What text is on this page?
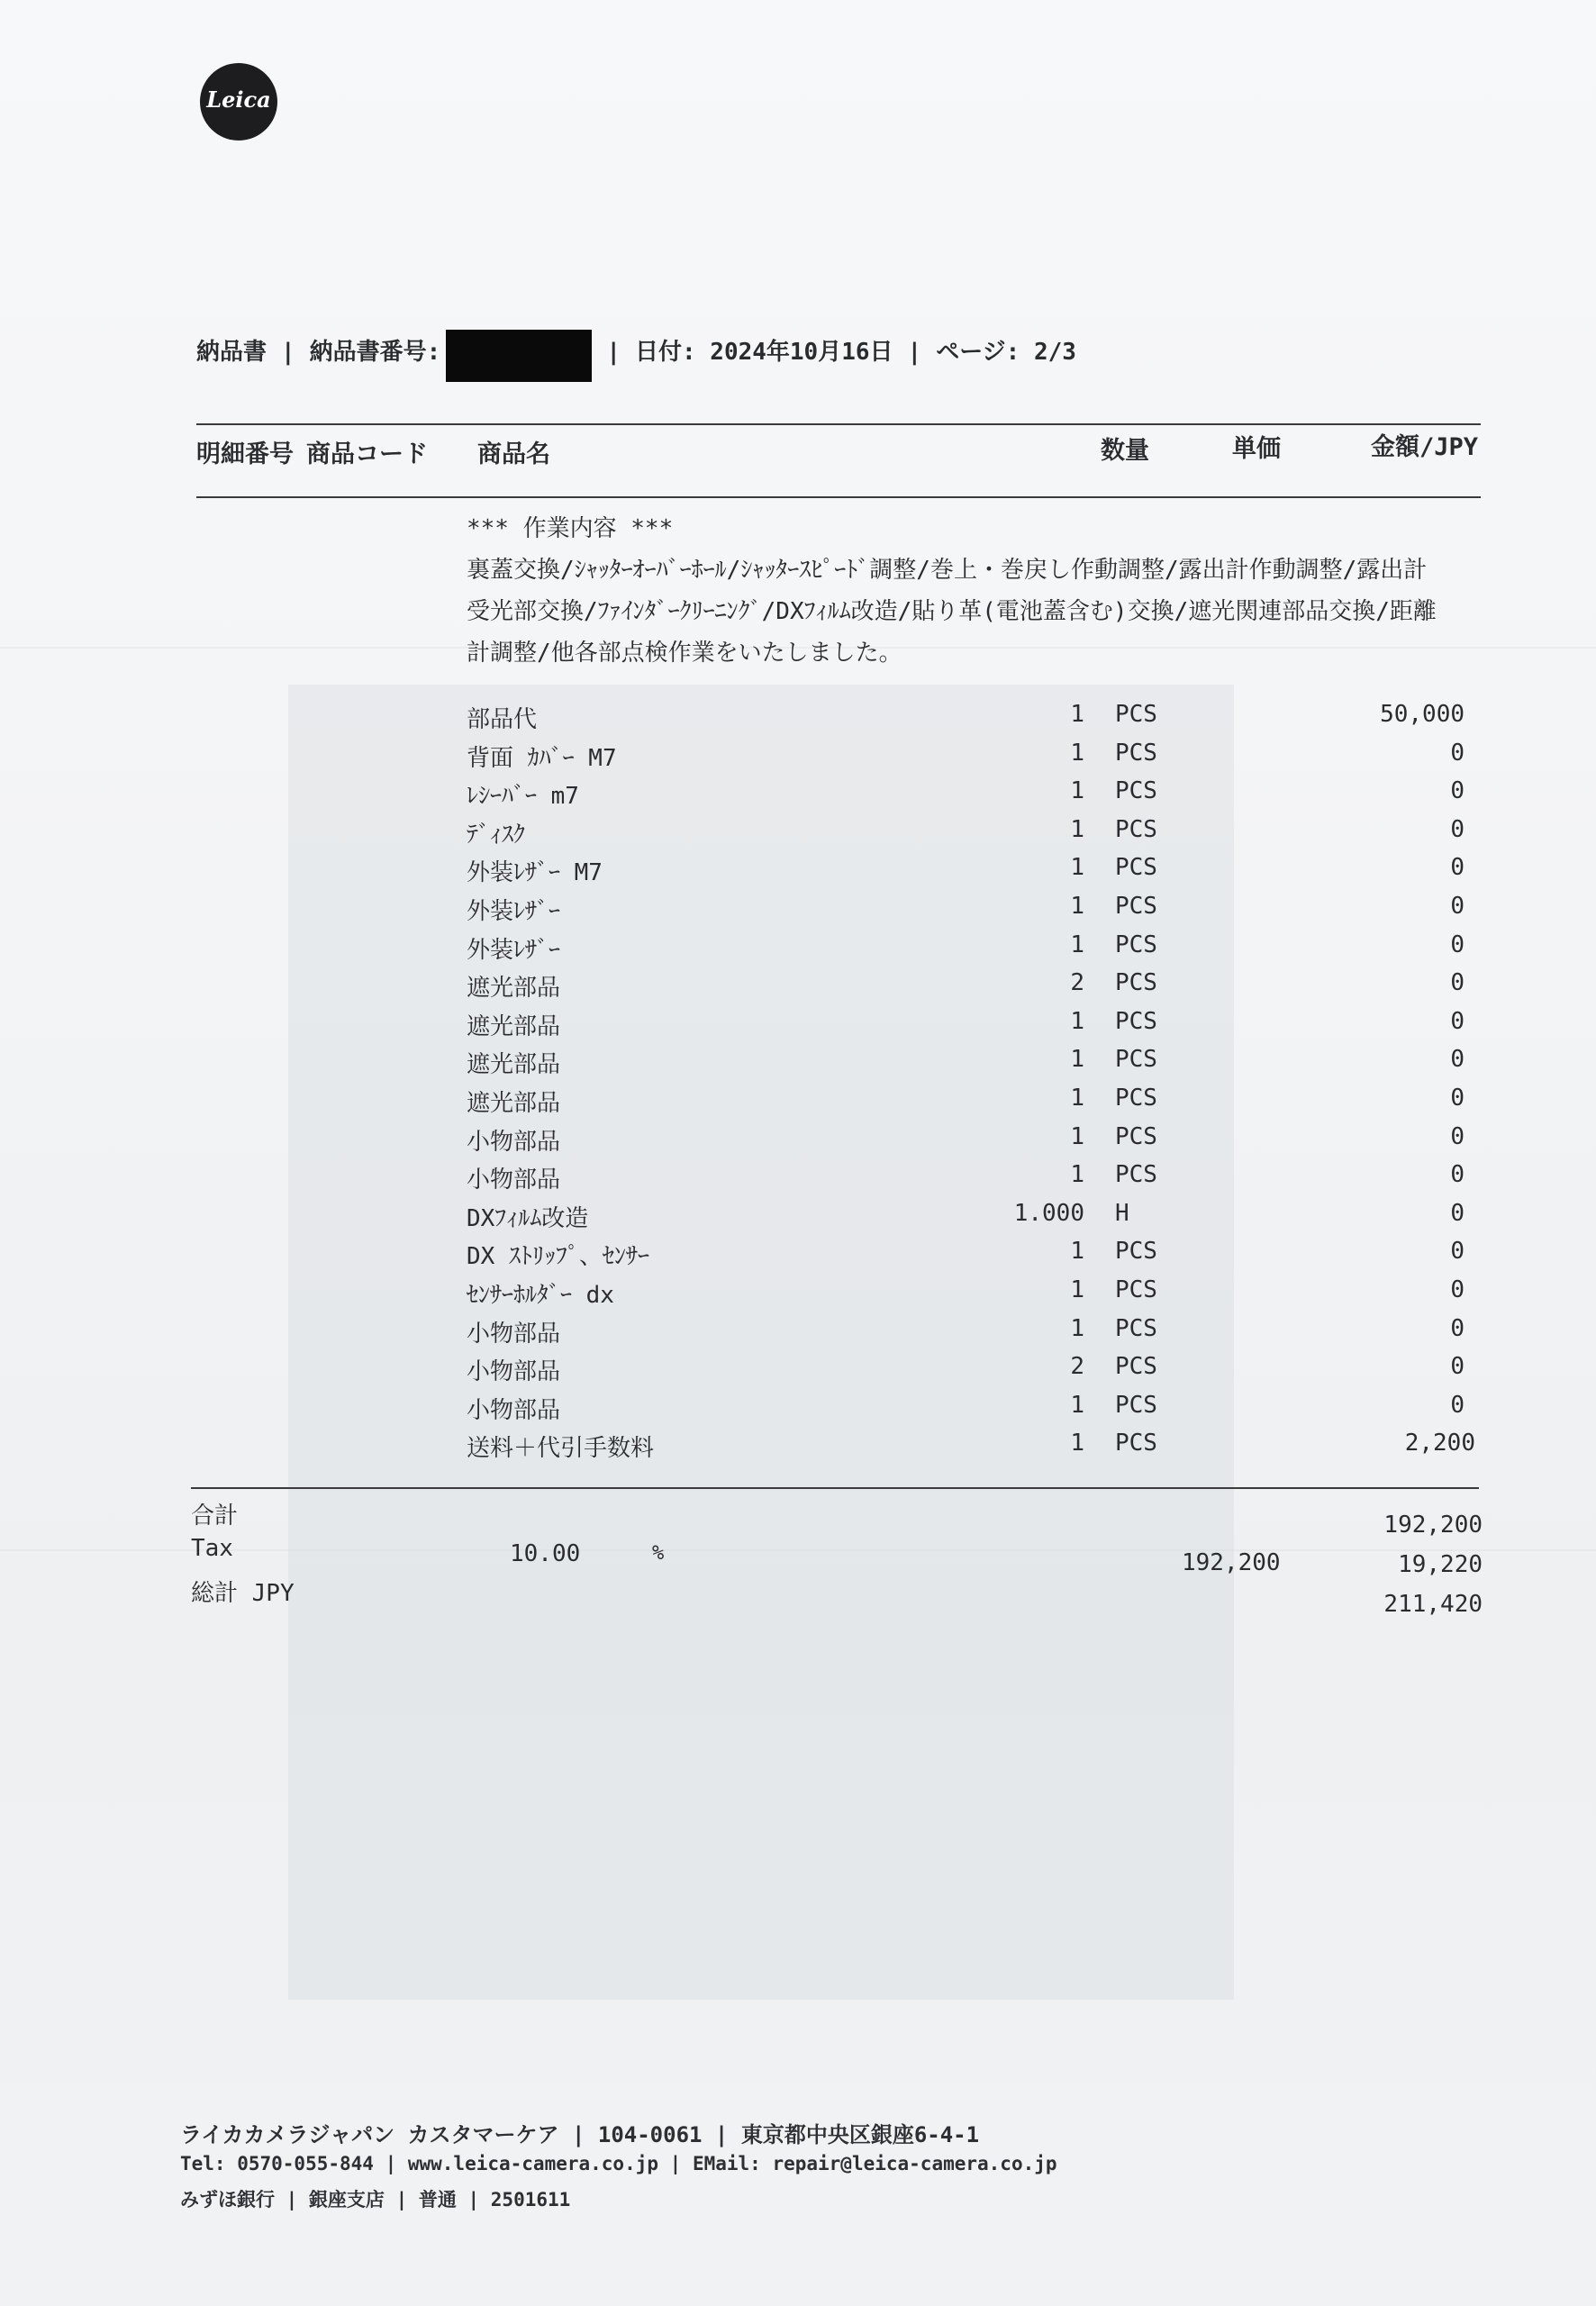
Leica
納品書 | 納品書番号:	| 日付: 2024年10月16日 | ページ: 2/3
明細番号 商品コード 商品名	数量	単価	金額/JPY
*** 作業内容 ***
裏蓋交換/ｼｬｯﾀｰｵｰﾊﾞｰﾎｰﾙ/ｼｬｯﾀｰｽﾋﾟｰﾄﾞ調整/巻上・巻戻し作動調整/露出計作動調整/露出計
受光部交換/ﾌｧｲﾝﾀﾞｰｸﾘｰﾆﾝｸﾞ/DXﾌｨﾙﾑ改造/貼り革(電池蓋含む)交換/遮光関連部品交換/距離
計調整/他各部点検作業をいたしました。
部品代	1 PCS	50,000
背面 ｶﾊﾞｰ M7	1 PCS	0
ﾚｼｰﾊﾞｰ m7	1 PCS	0
ﾃﾞｨｽｸ	1 PCS	0
外装ﾚｻﾞｰ M7	1 PCS	0
外装ﾚｻﾞｰ	1 PCS	0
外装ﾚｻﾞｰ	1 PCS	0
遮光部品	2 PCS	0
遮光部品	1 PCS	0
遮光部品	1 PCS	0
遮光部品	1 PCS	0
小物部品	1 PCS	0
小物部品	1 PCS	0
DXﾌｨﾙﾑ改造	1.000 H	0
DX ｽﾄﾘｯﾌﾟ、ｾﾝｻｰ	1 PCS	0
ｾﾝｻｰﾎﾙﾀﾞｰ dx	1 PCS	0
小物部品	1 PCS	0
小物部品	2 PCS	0
小物部品	1 PCS	0
送料＋代引手数料	1 PCS	2,200
合計	192,200
Tax	10.00	%	192,200	19,220
総計 JPY	211,420
ライカカメラジャパン カスタマーケア | 104-0061 | 東京都中央区銀座6-4-1
Tel: 0570-055-844 | www.leica-camera.co.jp | EMail: repair@leica-camera.co.jp
みずほ銀行 | 銀座支店 | 普通 | 2501611
